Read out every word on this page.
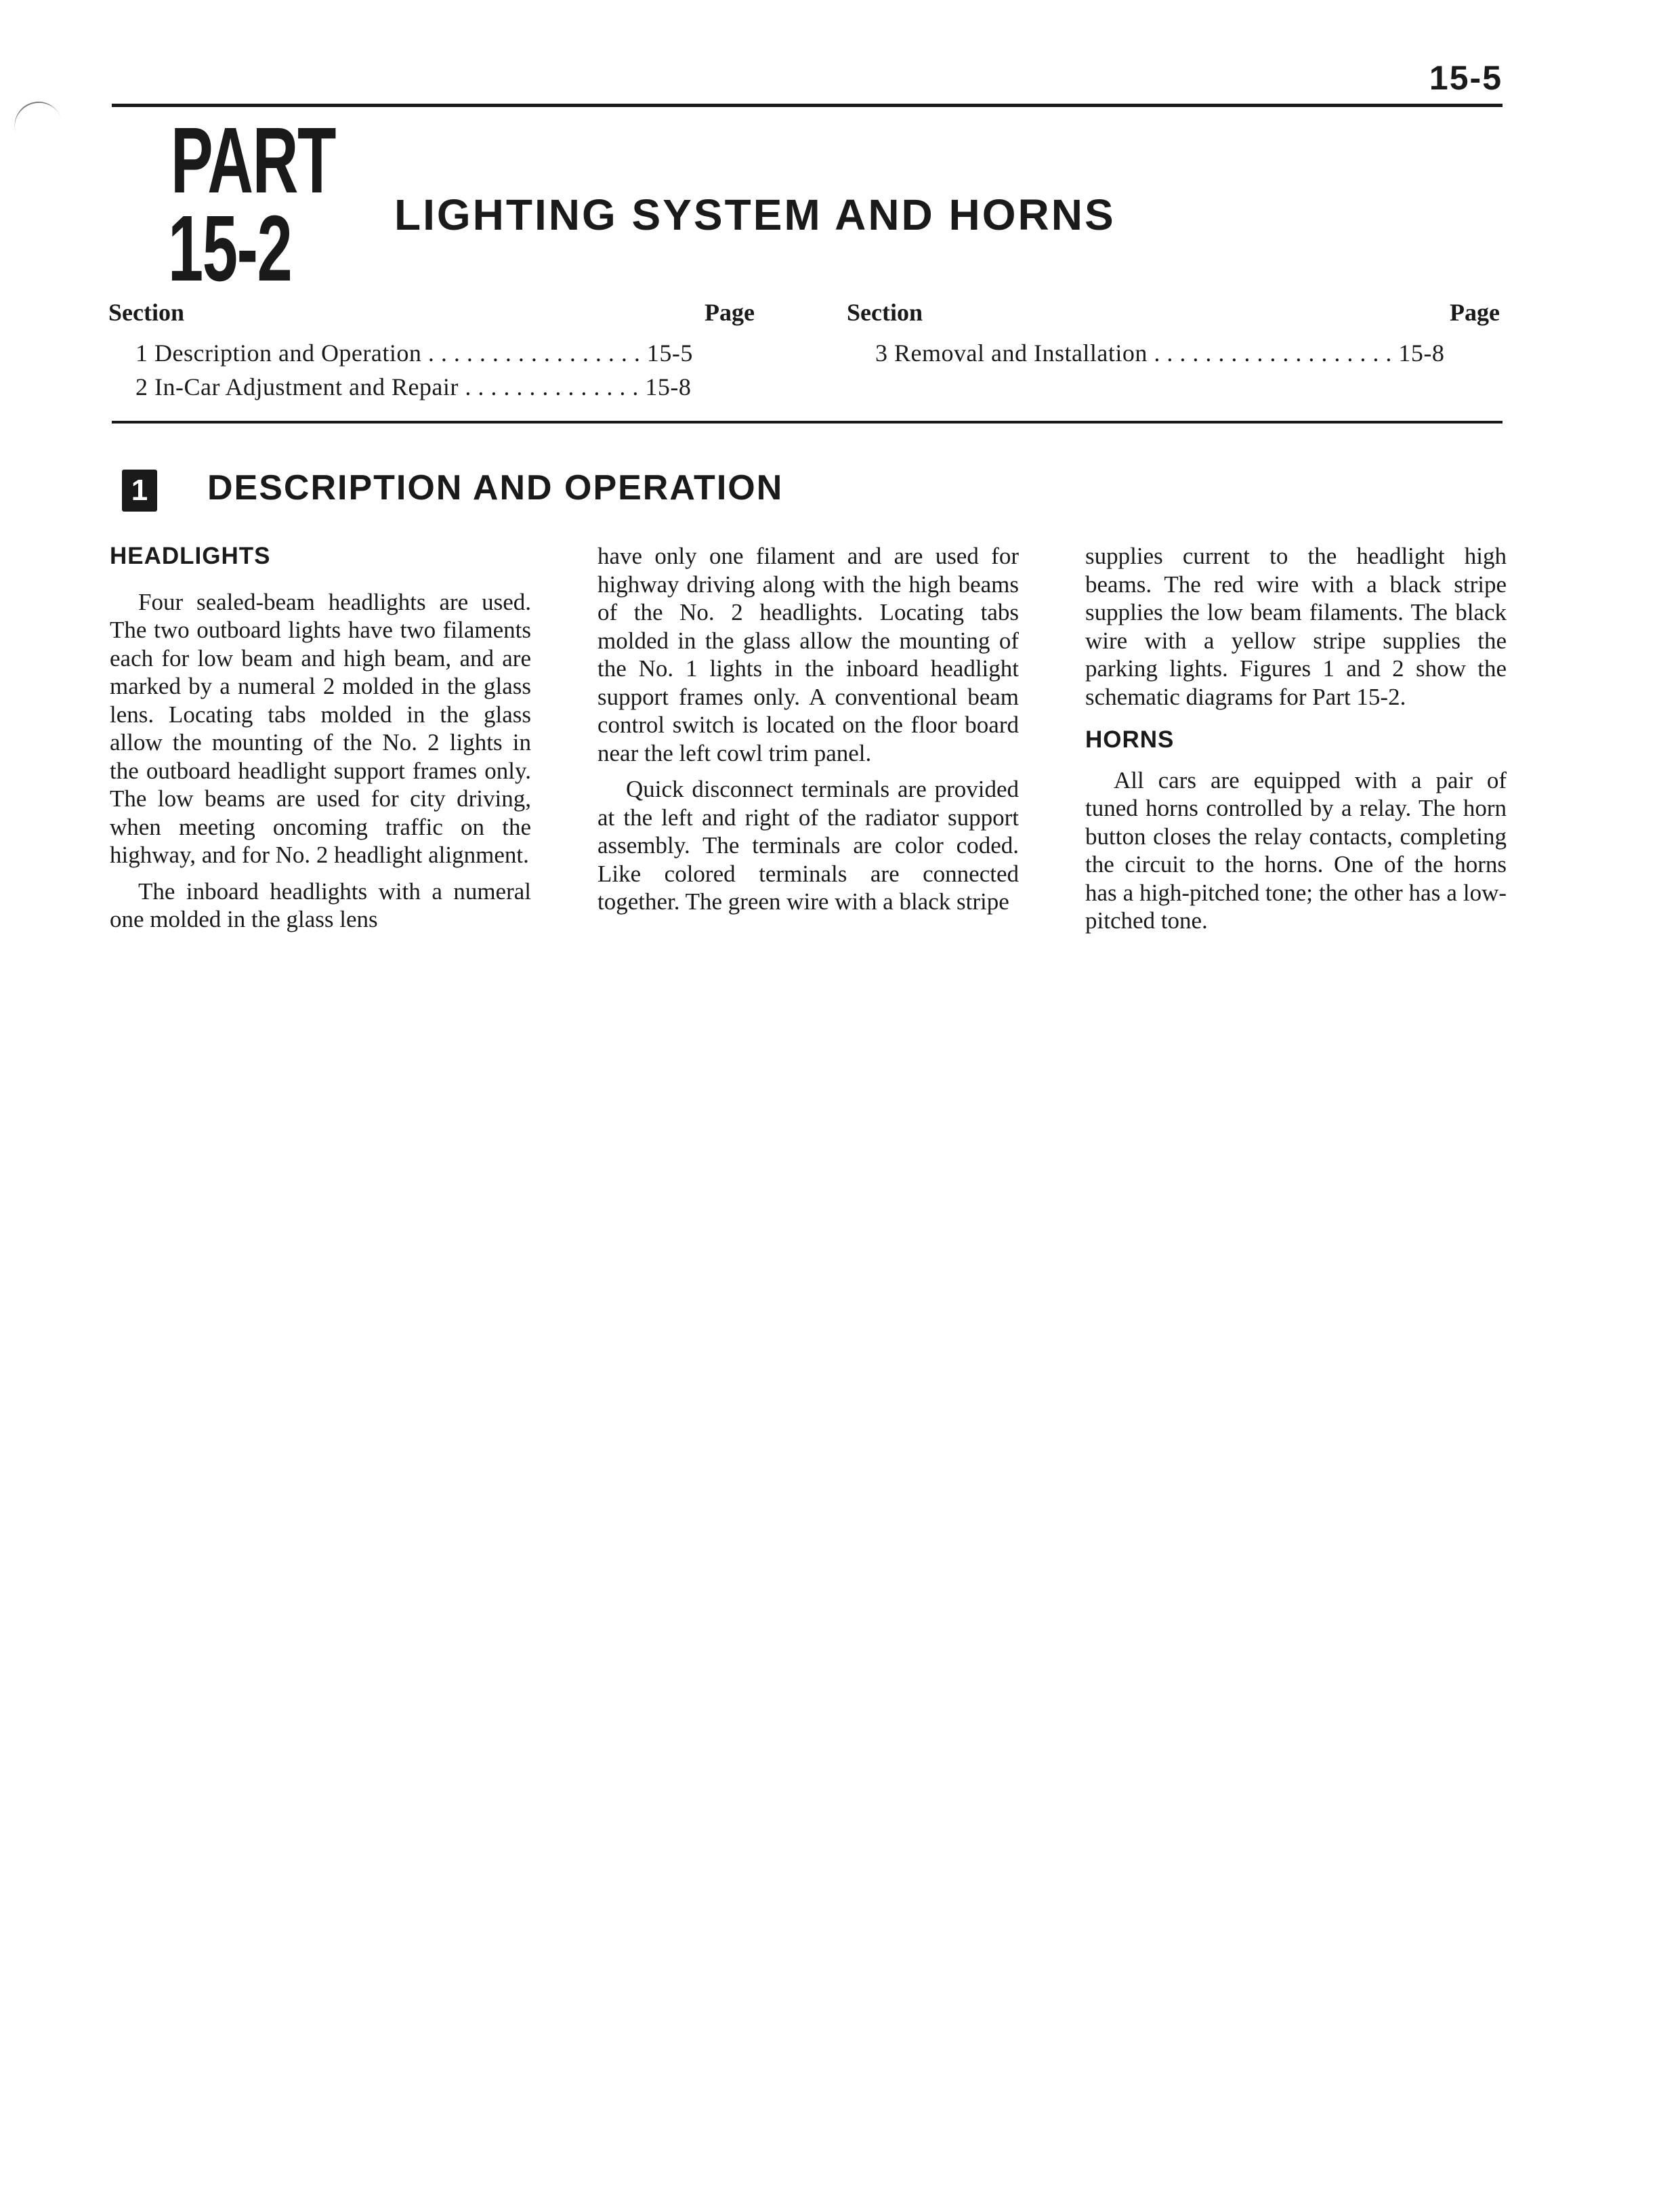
15-5
PART
15-2 LIGHTING SYSTEM AND HORNS
Section	Page	Section	Page
1 Description and Operation . . . . . . . . . . . . . . . . . 15-5
2 In-Car Adjustment and Repair . . . . . . . . . . . . . . 15-8
3 Removal and Installation . . . . . . . . . . . . . . . . . . . 15-8
1 DESCRIPTION AND OPERATION
HEADLIGHTS

Four sealed-beam headlights are used. The two outboard lights have two filaments each for low beam and high beam, and are marked by a numeral 2 molded in the glass lens. Locating tabs molded in the glass allow the mounting of the No. 2 lights in the outboard headlight support frames only. The low beams are used for city driving, when meeting oncoming traffic on the highway, and for No. 2 headlight alignment.

The inboard headlights with a numeral one molded in the glass lens

have only one filament and are used for highway driving along with the high beams of the No. 2 headlights. Locating tabs molded in the glass allow the mounting of the No. 1 lights in the inboard headlight support frames only. A conventional beam control switch is located on the floor board near the left cowl trim panel.

Quick disconnect terminals are provided at the left and right of the radiator support assembly. The terminals are color coded. Like colored terminals are connected together. The green wire with a black stripe

supplies current to the headlight high beams. The red wire with a black stripe supplies the low beam filaments. The black wire with a yellow stripe supplies the parking lights. Figures 1 and 2 show the schematic diagrams for Part 15-2.

HORNS

All cars are equipped with a pair of tuned horns controlled by a relay. The horn button closes the relay contacts, completing the circuit to the horns. One of the horns has a high-pitched tone; the other has a low-pitched tone.
